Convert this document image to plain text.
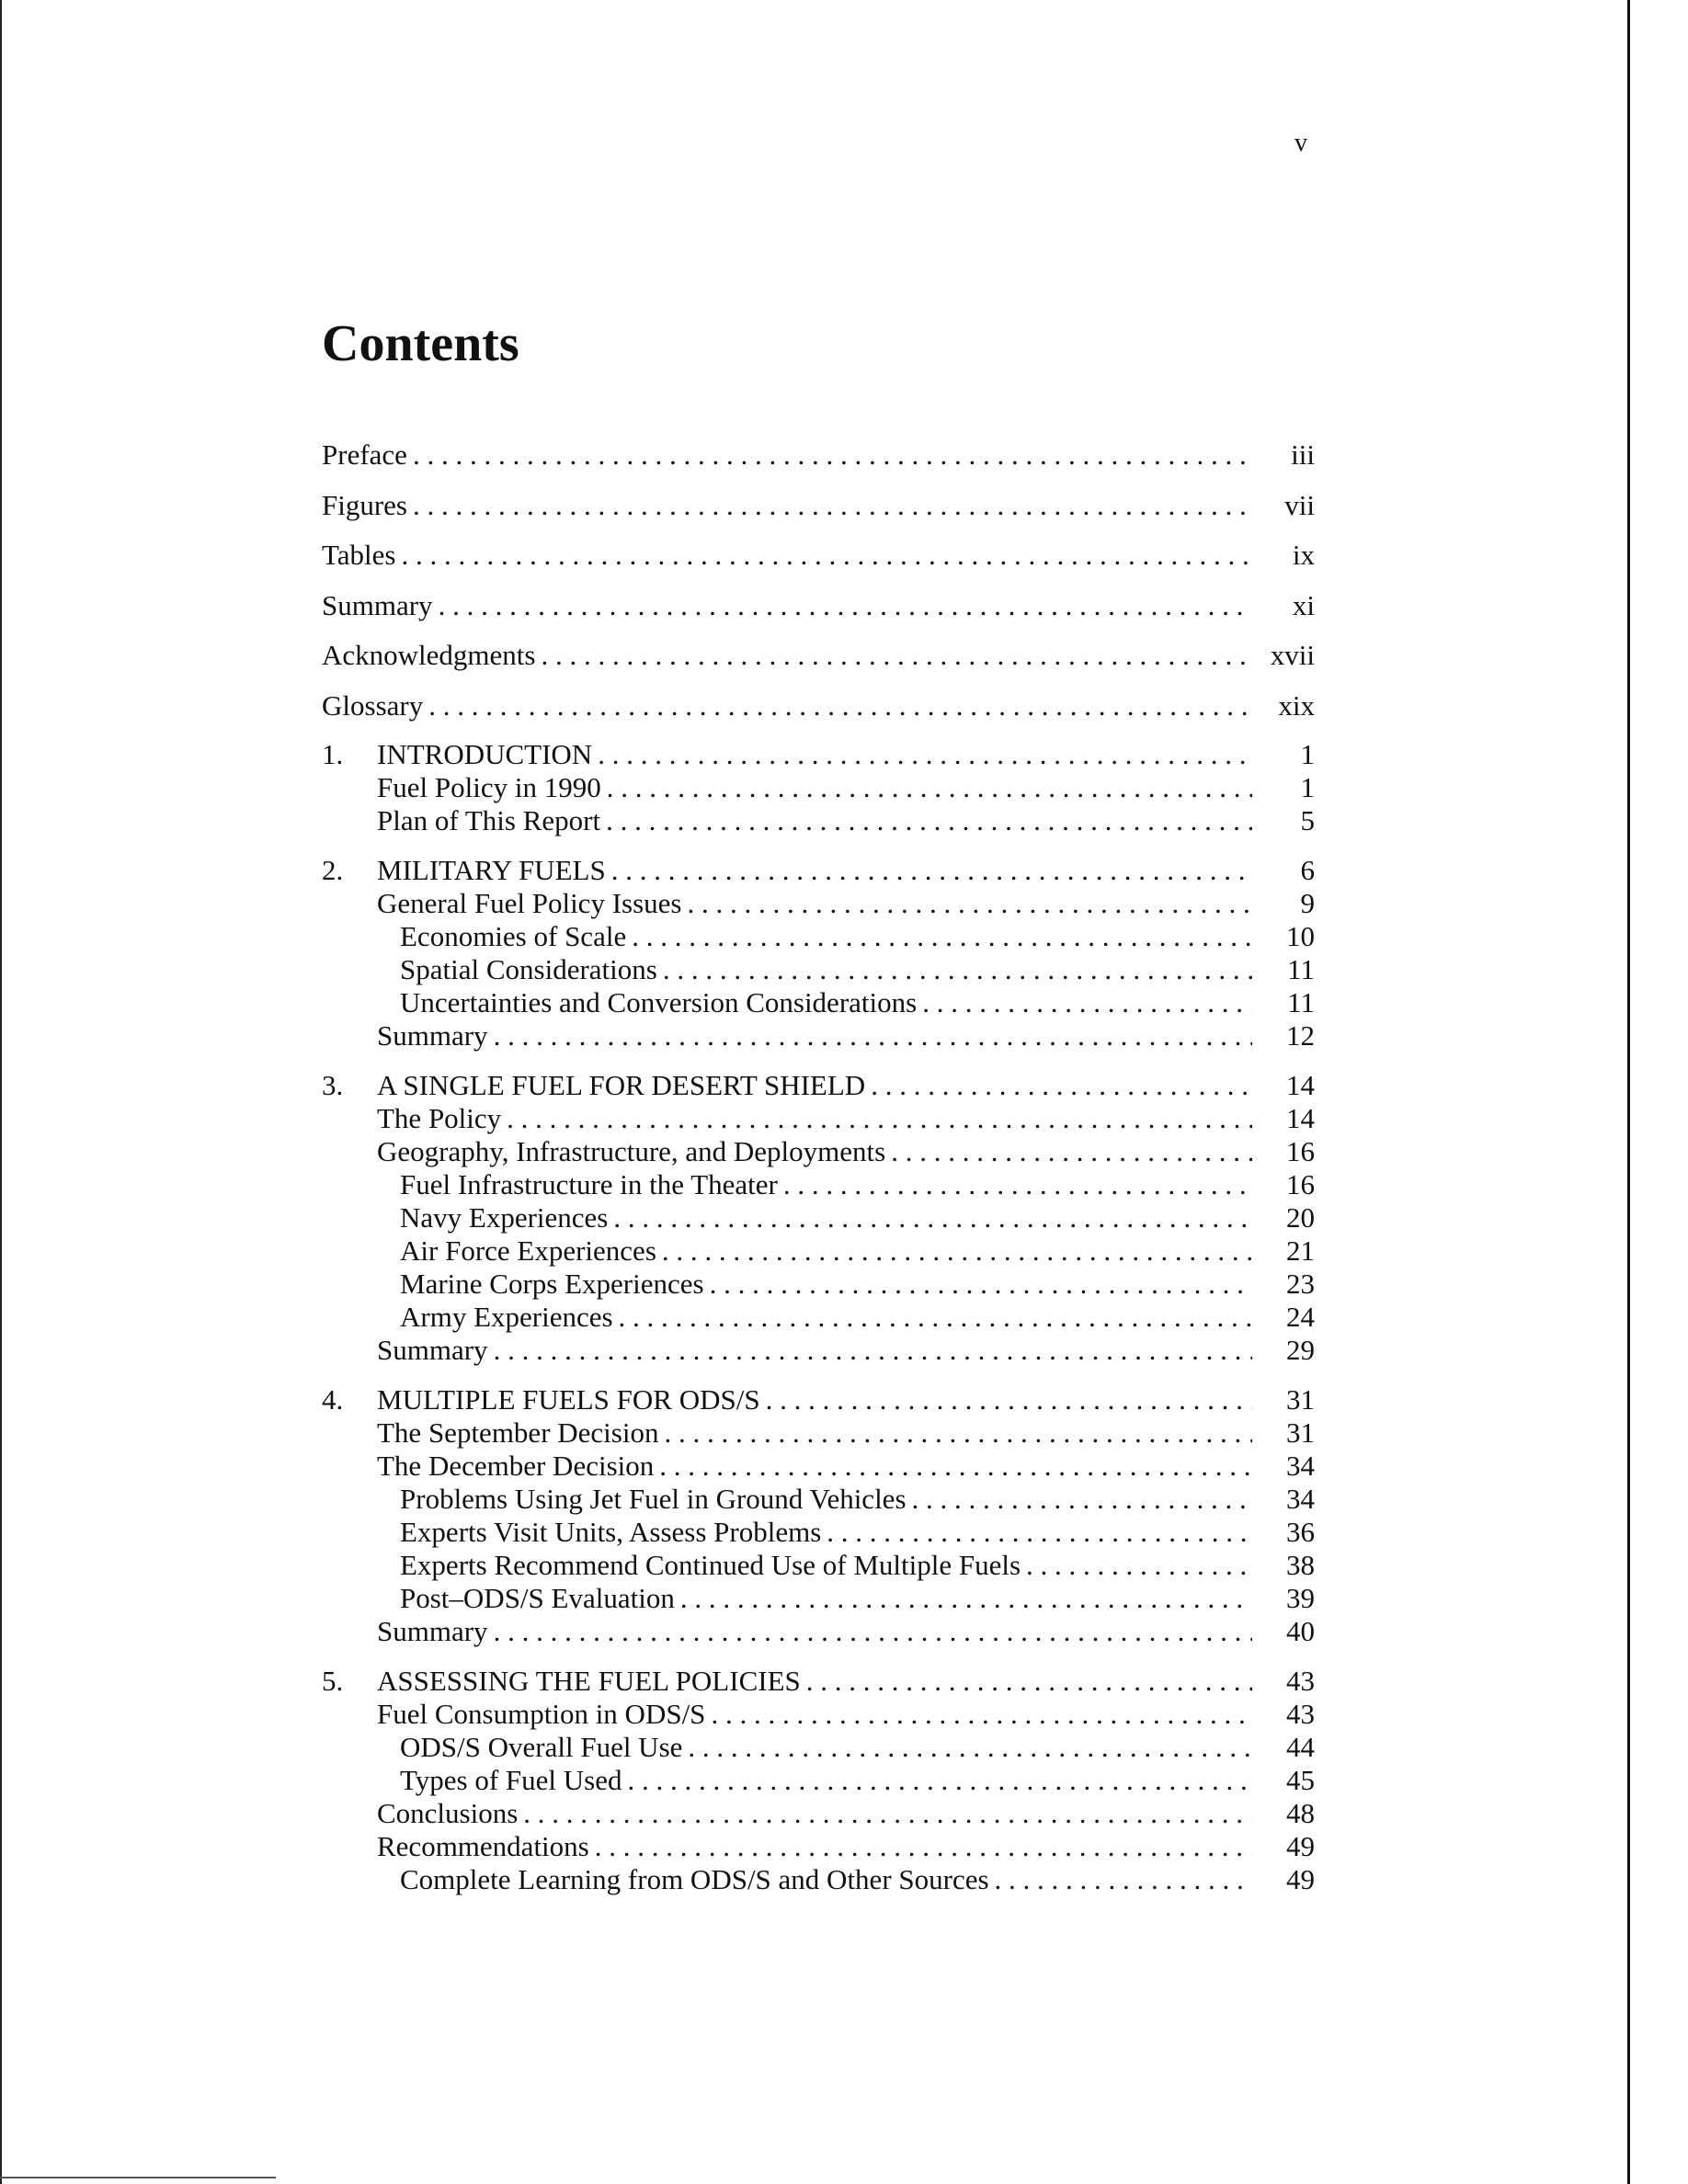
v
Contents
Preface . . .	iii
Figures . . .	vii
Tables . . .	ix
Summary . . .	xi
Acknowledgments . . .	xvii
Glossary . . .	xix
1.	INTRODUCTION . . .	1
Fuel Policy in 1990 . . .	1
Plan of This Report . . .	5
2.	MILITARY FUELS . . .	6
General Fuel Policy Issues . . .	9
Economies of Scale . . .	10
Spatial Considerations . . .	11
Uncertainties and Conversion Considerations . . .	11
Summary . . .	12
3.	A SINGLE FUEL FOR DESERT SHIELD . . .	14
The Policy . . .	14
Geography, Infrastructure, and Deployments . . .	16
Fuel Infrastructure in the Theater . . .	16
Navy Experiences . . .	20
Air Force Experiences . . .	21
Marine Corps Experiences . . .	23
Army Experiences . . .	24
Summary . . .	29
4.	MULTIPLE FUELS FOR ODS/S . . .	31
The September Decision . . .	31
The December Decision . . .	34
Problems Using Jet Fuel in Ground Vehicles . . .	34
Experts Visit Units, Assess Problems . . .	36
Experts Recommend Continued Use of Multiple Fuels . . .	38
Post–ODS/S Evaluation . . .	39
Summary . . .	40
5.	ASSESSING THE FUEL POLICIES . . .	43
Fuel Consumption in ODS/S . . .	43
ODS/S Overall Fuel Use . . .	44
Types of Fuel Used . . .	45
Conclusions . . .	48
Recommendations . . .	49
Complete Learning from ODS/S and Other Sources . . .	49
